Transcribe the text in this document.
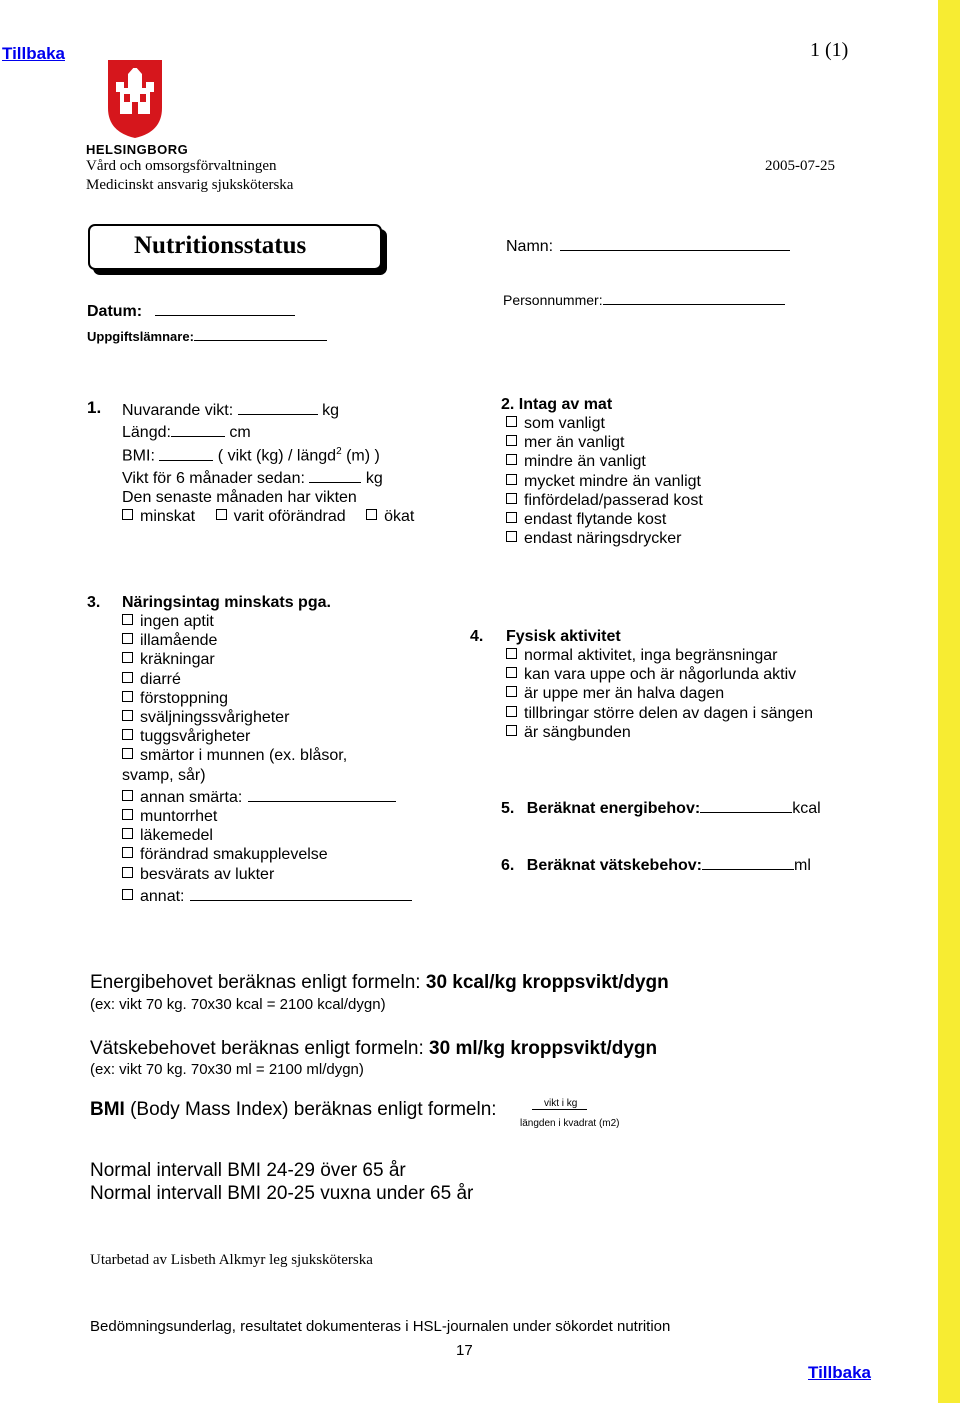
Tillbaka	1 (1)
HELSINGBORG
Vård och omsorgsförvaltningen
Medicinskt ansvarig sjuksköterska
2005-07-25
Nutritionsstatus	Namn:
Personnummer:
Datum:
Uppgiftslämnare:
1. Nuvarande vikt:	kg
Längd:	cm
BMI:	( vikt (kg) / längd$^2$ (m) )
Vikt för 6 månader sedan:	kg
Den senaste månaden har vikten
minskat varit oförändrad ökat
2. Intag av mat
som vanligt
mer än vanligt
mindre än vanligt
mycket mindre än vanligt
finfördelad/passerad kost
endast flytande kost
endast näringsdrycker
3. Näringsintag minskats pga.
ingen aptit
illamående
kräkningar
diarré
förstoppning
sväljningssvårigheter
tuggsvårigheter
smärtor i munnen (ex. blåsor,
svamp, sår)
annan smärta:
muntorrhet
läkemedel
förändrad smakupplevelse
besvärats av lukter
annat:
4. Fysisk aktivitet
normal aktivitet, inga begränsningar
kan vara uppe och är någorlunda aktiv
är uppe mer än halva dagen
tillbringar större delen av dagen i sängen
är sängbunden
5. Beräknat energibehov:	kcal
6. Beräknat vätskebehov:	ml
Energibehovet beräknas enligt formeln: 30 kcal/kg kroppsvikt/dygn
(ex: vikt 70 kg. 70x30 kcal = 2100 kcal/dygn)
Vätskebehovet beräknas enligt formeln: 30 ml/kg kroppsvikt/dygn
(ex: vikt 70 kg. 70x30 ml = 2100 ml/dygn)
BMI (Body Mass Index) beräknas enligt formeln:	vikt i kg
längden i kvadrat (m2)
Normal intervall BMI 24-29 över 65 år
Normal intervall BMI 20-25 vuxna under 65 år
Utarbetad av Lisbeth Alkmyr leg sjuksköterska
Bedömningsunderlag, resultatet dokumenteras i HSL-journalen under sökordet nutrition
17
Tillbaka
